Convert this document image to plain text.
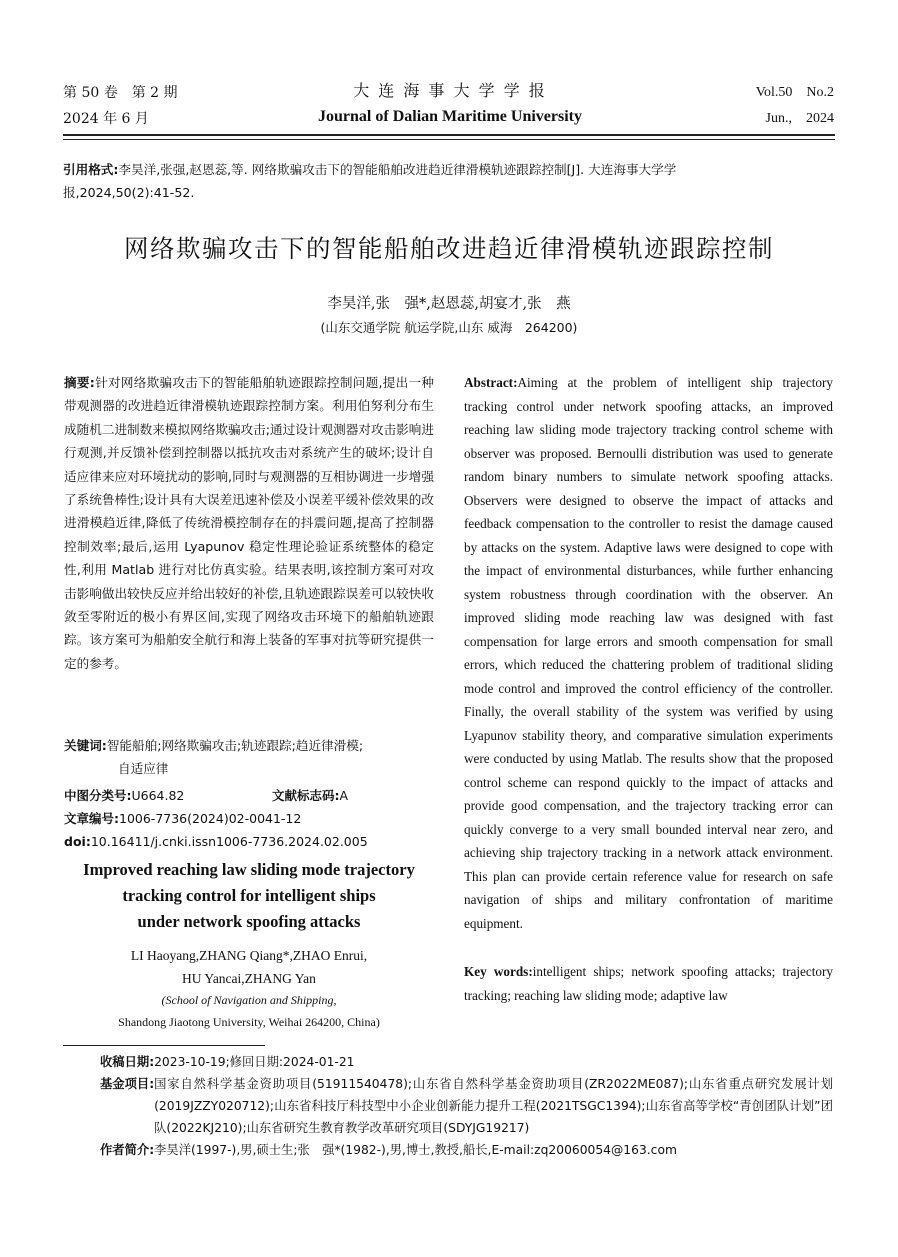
第 50 卷　第 2 期
2024 年 6 月
大 连 海 事 大 学 学 报
Journal of Dalian Maritime University
Vol.50　No.2
Jun.,　2024
引用格式:李昊洋,张强,赵恩蕊,等. 网络欺骗攻击下的智能船舶改进趋近律滑模轨迹跟踪控制[J]. 大连海事大学学
报,2024,50(2):41-52.
网络欺骗攻击下的智能船舶改进趋近律滑模轨迹跟踪控制
李昊洋,张　强*,赵恩蕊,胡宴才,张　燕
(山东交通学院 航运学院,山东 威海　264200)
摘要:针对网络欺骗攻击下的智能船舶轨迹跟踪控制问题,提出一种带观测器的改进趋近律滑模轨迹跟踪控制方案。利用伯努利分布生成随机二进制数来模拟网络欺骗攻击;通过设计观测器对攻击影响进行观测,并反馈补偿到控制器以抵抗攻击对系统产生的破坏;设计自适应律来应对环境扰动的影响,同时与观测器的互相协调进一步增强了系统鲁棒性;设计具有大误差迅速补偿及小误差平缓补偿效果的改进滑模趋近律,降低了传统滑模控制存在的抖震问题,提高了控制器控制效率;最后,运用 Lyapunov 稳定性理论验证系统整体的稳定性,利用 Matlab 进行对比仿真实验。结果表明,该控制方案可对攻击影响做出较快反应并给出较好的补偿,且轨迹跟踪误差可以较快收敛至零附近的极小有界区间,实现了网络攻击环境下的船舶轨迹跟踪。该方案可为船舶安全航行和海上装备的军事对抗等研究提供一定的参考。
关键词:智能船舶;网络欺骗攻击;轨迹跟踪;趋近律滑模;
自适应律
中图分类号:U664.82	文献标志码:A
文章编号:1006-7736(2024)02-0041-12
doi:10.16411/j.cnki.issn1006-7736.2024.02.005
Improved reaching law sliding mode trajectory
tracking control for intelligent ships
under network spoofing attacks
LI Haoyang,ZHANG Qiang*,ZHAO Enrui,
HU Yancai,ZHANG Yan
(School of Navigation and Shipping,
Shandong Jiaotong University, Weihai 264200, China)
Abstract:Aiming at the problem of intelligent ship trajectory tracking control under network spoofing attacks, an improved reaching law sliding mode trajectory tracking control scheme with observer was proposed. Bernoulli distribution was used to generate random binary numbers to simulate network spoofing attacks. Observers were designed to observe the impact of attacks and feedback compensation to the controller to resist the damage caused by attacks on the system. Adaptive laws were designed to cope with the impact of environmental disturbances, while further enhancing system robustness through coordination with the observer. An improved sliding mode reaching law was designed with fast compensation for large errors and smooth compensation for small errors, which reduced the chattering problem of traditional sliding mode control and improved the control efficiency of the controller. Finally, the overall stability of the system was verified by using Lyapunov stability theory, and comparative simulation experiments were conducted by using Matlab. The results show that the proposed control scheme can respond quickly to the impact of attacks and provide good compensation, and the trajectory tracking error can quickly converge to a very small bounded interval near zero, and achieving ship trajectory tracking in a network attack environment. This plan can provide certain reference value for research on safe navigation of ships and military confrontation of maritime equipment.
Key words:intelligent ships; network spoofing attacks; trajectory tracking; reaching law sliding mode; adaptive law
收稿日期: 2023-10-19;修回日期:2024-01-21
基金项目: 国家自然科学基金资助项目(51911540478);山东省自然科学基金资助项目(ZR2022ME087);山东省重点研究发展计划(2019JZZY020712);山东省科技厅科技型中小企业创新能力提升工程(2021TSGC1394);山东省高等学校“青创团队计划”团队(2022KJ210);山东省研究生教育教学改革研究项目(SDYJG19217)
作者简介: 李昊洋(1997-),男,硕士生;张　强*(1982-),男,博士,教授,船长,E-mail:zq20060054@163.com
